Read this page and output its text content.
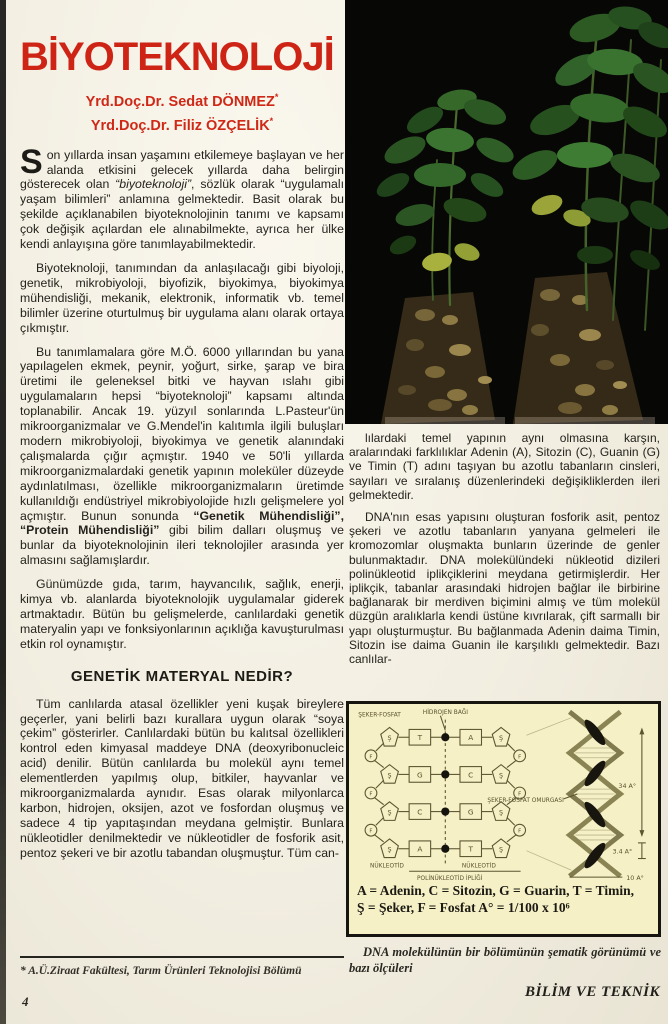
BİYOTEKNOLOJİ
Yrd.Doç.Dr. Sedat DÖNMEZ*
Yrd.Doç.Dr. Filiz ÖZÇELİK*

Son yıllarda insan yaşamını etkilemeye başlayan ve her alanda etkisini gelecek yıllarda daha belirgin gösterecek olan “biyoteknoloji”, sözlük olarak “uygulamalı yaşam bilimleri” anlamına gelmektedir. Basit olarak bu şekilde açıklanabilen biyoteknolojinin tanımı ve kapsamı çok değişik açılardan ele alınabilmekte, ayrıca her ülke kendi anlayışına göre tanımlayabilmektedir.

Biyoteknoloji, tanımından da anlaşılacağı gibi biyoloji, genetik, mikrobiyoloji, biyofizik, biyokimya, biyokimya mühendisliği, mekanik, elektronik, informatik vb. temel bilimler üzerine oturtulmuş bir uygulama alanı olarak ortaya çıkmıştır.

Bu tanımlamalara göre M.Ö. 6000 yıllarından bu yana yapılagelen ekmek, peynir, yoğurt, sirke, şarap ve bira üretimi ile geleneksel bitki ve hayvan ıslahı gibi uygulamaların hepsi “biyoteknoloji” kapsamı altında toplanabilir. Ancak 19. yüzyıl sonlarında L.Pasteur'ün mikroorganizmalar ve G.Mendel'in kalıtımla ilgili buluşları modern mikrobiyoloji, biyokimya ve genetik alanındaki çalışmalarda çığır açmıştır. 1940 ve 50'li yıllarda mikroorganizmalardaki genetik yapının moleküler düzeyde aydınlatılması, özellikle mikroorganizmaların üretimde kullanıldığı endüstriyel mikrobiyolojide hızlı gelişmelere yol açmıştır. Bunun sonunda “Genetik Mühendisliği”, “Protein Mühendisliği” gibi bilim dalları oluşmuş ve bunlar da biyoteknolojinin ileri teknolojiler arasında yer almasını sağlamışlardır.

Günümüzde gıda, tarım, hayvancılık, sağlık, enerji, kimya vb. alanlarda biyoteknolojik uygulamalar giderek artmaktadır. Bütün bu gelişmelerde, canlılardaki genetik materyalin yapı ve fonksiyonlarının açıklığa kavuşturulması etkin rol oynamıştır.

GENETİK MATERYAL NEDİR?

Tüm canlılarda atasal özellikler yeni kuşak bireylere geçerler, yani belirli bazı kurallara uygun olarak “soya çekim” gösterirler. Canlılardaki bütün bu kalıtsal özellikleri kontrol eden kimyasal maddeye DNA (deoxyribonucleic acid) denilir. Bütün canlılarda bu molekül aynı temel elementlerden yapılmış olup, bitkiler, hayvanlar ve mikroorganizmalarda aynıdır. Esas olarak milyonlarca karbon, hidrojen, oksijen, azot ve fosfordan oluşmuş ve sadece 4 tip yapıtaşından meydana gelmiştir. Bunlara nükleotidler denilmektedir ve nükleotidler de fosforik asit, pentoz şekeri ve bir azotlu tabandan oluşmuştur. Tüm can-

* A.Ü.Ziraat Fakültesi, Tarım Ürünleri Teknolojisi Bölümü
4

lılardaki temel yapının aynı olmasına karşın, aralarındaki farklılıklar Adenin (A), Sitozin (C), Guanin (G) ve Timin (T) adını taşıyan bu azotlu tabanların cinsleri, sayıları ve sıralanış düzenlerindeki değişikliklerden ileri gelmektedir.

DNA'nın esas yapısını oluşturan fosforik asit, pentoz şekeri ve azotlu tabanların yanyana gelmeleri ile kromozomlar oluşmakta bunların üzerinde de genler bulunmaktadır. DNA molekülündeki nükleotid dizileri polinükleotid iplikçiklerini meydana getirmişlerdir. Her iplikçik, tabanlar arasındaki hidrojen bağlar ile birbirine bağlanarak bir merdiven biçimini almış ve tüm molekül düzgün aralıklarla kendi üstüne kıvrılarak, çift sarmallı bir yapı oluşturmuştur. Bu bağlanmada Adenin daima Timin, Sitozin ise daima Guanin ile karşılıklı gelmektedir. Bazı canlılar-

F
F
F
F
F
F
Ş	Ş
Ş	Ş
Ş	Ş
Ş	Ş
T	A
G	C
C	G
A	T
ŞEKER-FOSFAT	HİDROJEN BAĞI
NÜKLEOTİD	NÜKLEOTİD
POLİNÜKLEOTİD İPLİĞİ
ŞEKER-FOSFAT OMURGASI
34 A°
3.4 A°
10 A°
A = Adenin, C = Sitozin, G = Guarin, T = Timin,
Ş = Şeker, F = Fosfat A° = 1/100 x 10⁶
DNA molekülünün bir bölümünün şematik görünümü ve bazı ölçüleri
BİLİM VE TEKNİK
